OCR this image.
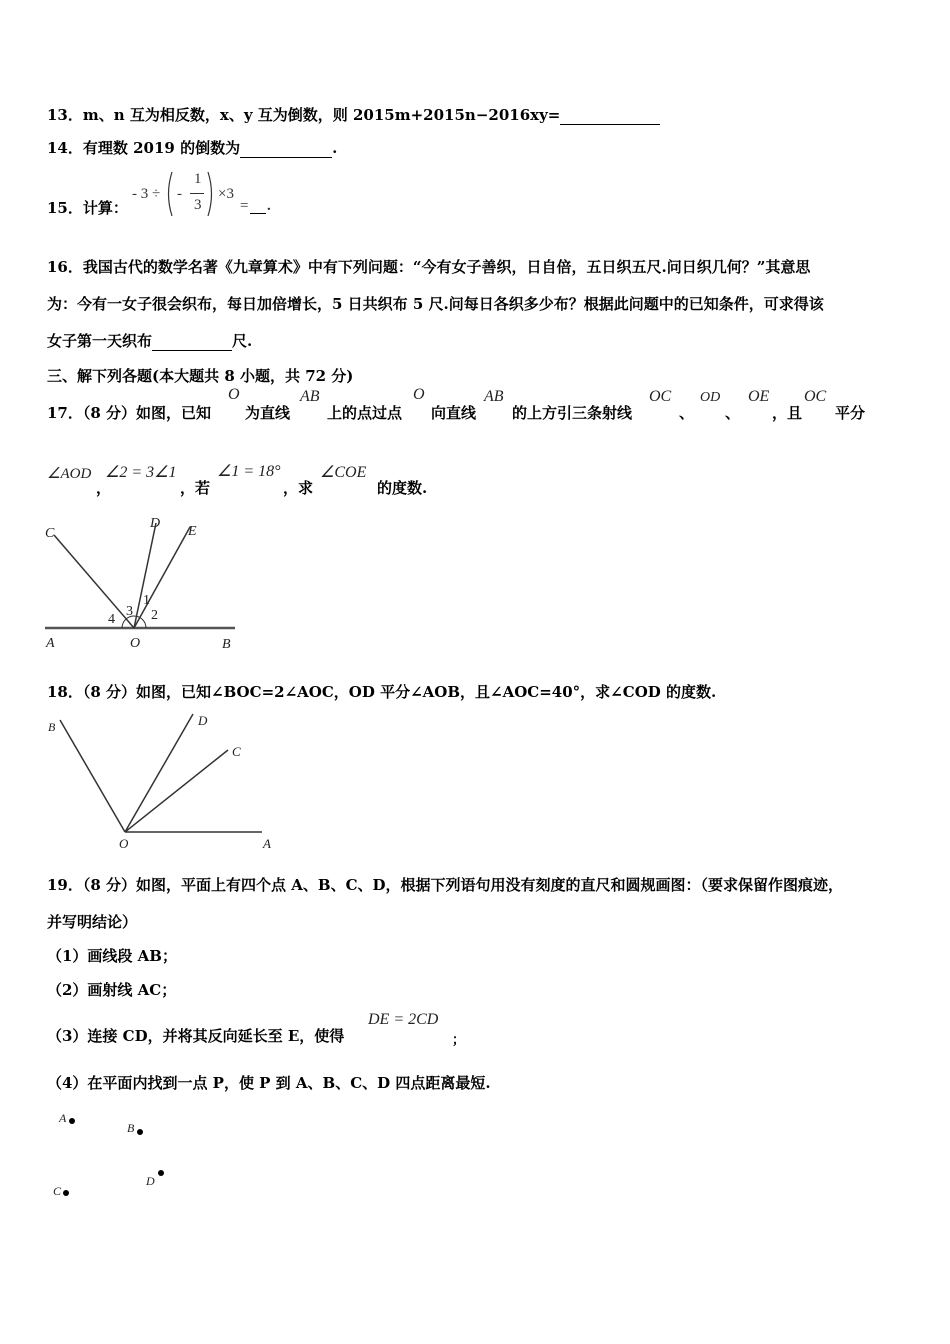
13．m、n 互为相反数，x、y 互为倒数，则 2015m+2015n−2016xy=
14．有理数 2019 的倒数为	.
15．计算：
- 3 ÷ -
1
3
×3
= .
16．我国古代的数学名著《九章算术》中有下列问题：“今有女子善织，日自倍，五日织五尺.问日织几何？”其意思
为：今有一女子很会织布，每日加倍增长，5 日共织布 5 尺.问每日各织多少布？根据此问题中的已知条件，可求得该
女子第一天织布	尺.
三、解下列各题(本大题共 8 小题，共 72 分)
17．（8 分）如图，已知
O
为直线
AB
上的点过点
O
向直线
AB
的上方引三条射线
OC
、
OD
、
OE
，且
OC
平分
∠AOD
，
∠2 = 3∠1
，若
∠1 = 18°
，求
∠COE
的度数.
C
D
E
A	O	B
1
2
3
4
18．（8 分）如图，已知∠BOC=2∠AOC，OD 平分∠AOB，且∠AOC=40°，求∠COD 的度数.
B	D
C
O	A
19．（8 分）如图，平面上有四个点 A、B、C、D，根据下列语句用没有刻度的直尺和圆规画图：（要求保留作图痕迹，
并写明结论）
（1）画线段 AB；
（2）画射线 AC；
（3）连接 CD，并将其反向延长至 E，使得
DE = 2CD
；
（4）在平面内找到一点 P，使 P 到 A、B、C、D 四点距离最短.
A
B
D
C
